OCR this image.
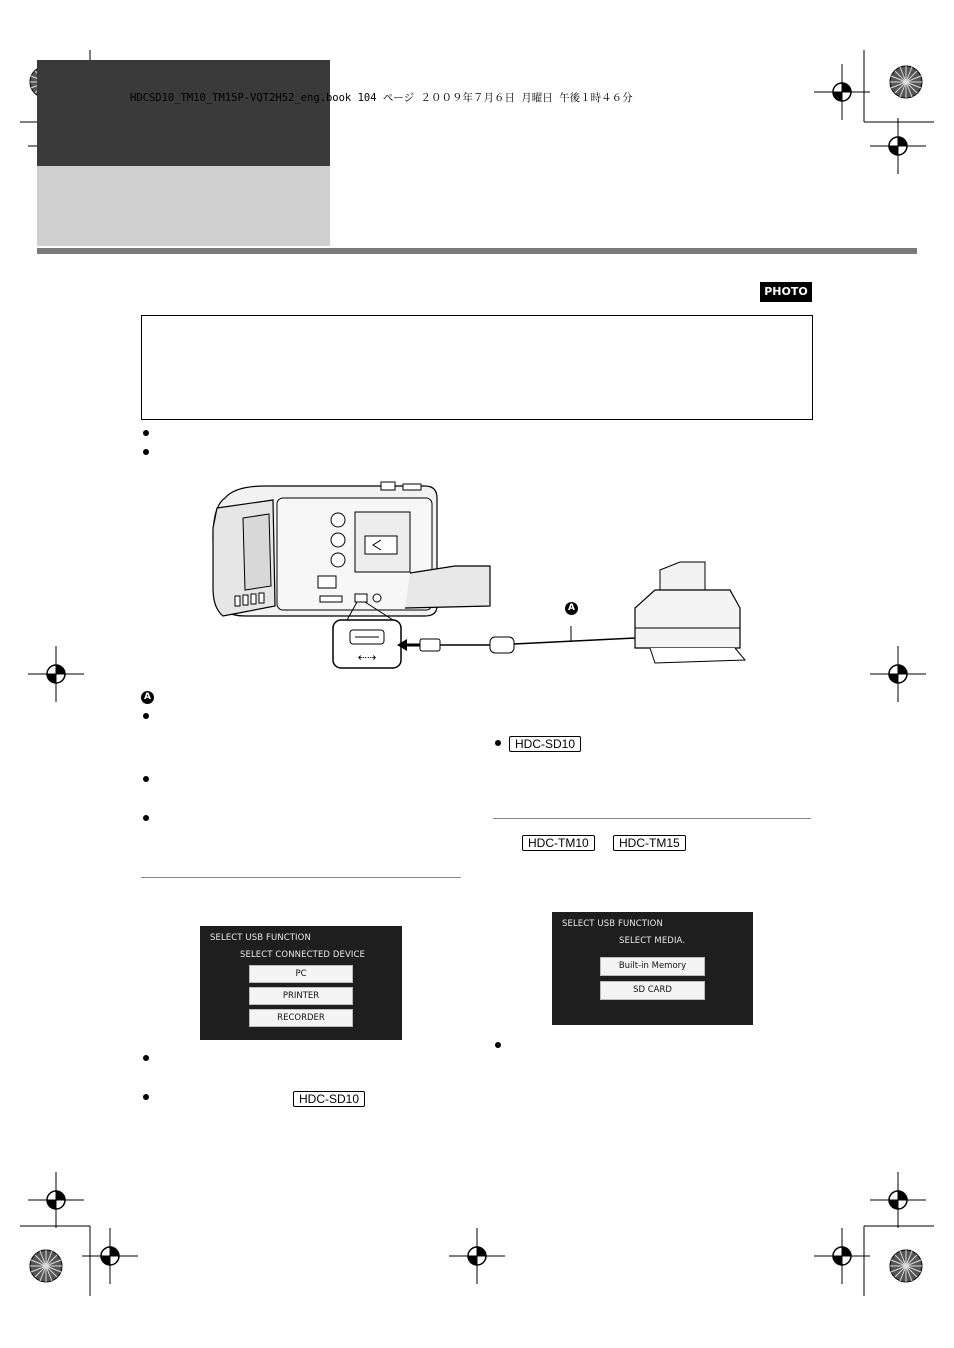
HDCSD10_TM10_TM15P-VQT2H52_eng.book 104 ページ ２００９年７月６日 月曜日 午後１時４６分
PHOTO
⇠⇢
A
A
HDC-SD10
HDC-TM10	HDC-TM15
SELECT USB FUNCTION
SELECT CONNECTED DEVICE
PC
PRINTER
RECORDER
SELECT USB FUNCTION
SELECT MEDIA.
Built-in Memory
SD CARD
HDC-SD10
